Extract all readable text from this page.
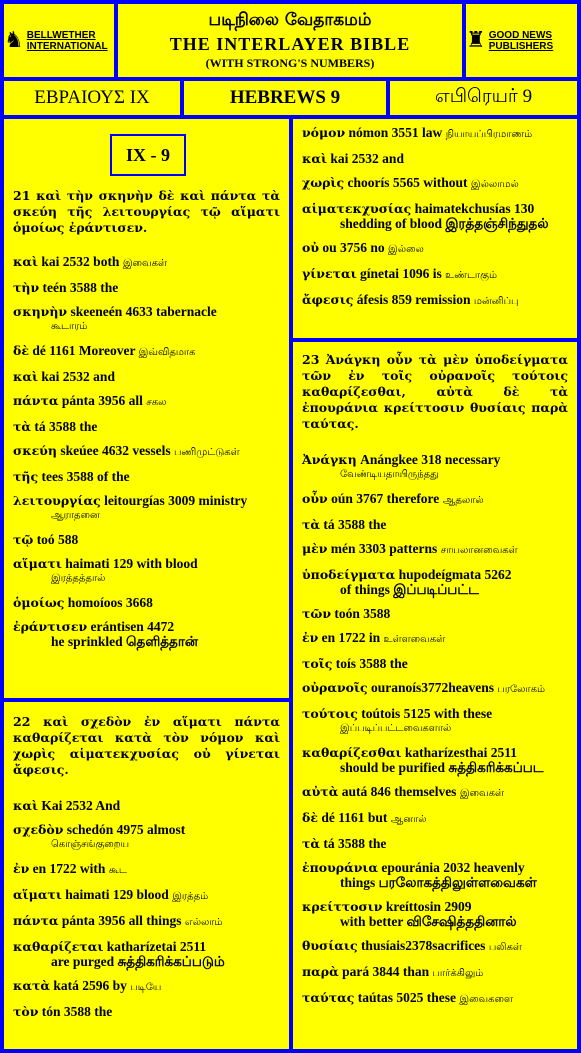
♞ BELLWETHER INTERNATIONAL
படிநிலை வேதாகமம்
THE INTERLAYER BIBLE
(WITH STRONG'S NUMBERS)
♜ GOOD NEWS PUBLISHERS
ΕΒΡΑΙΟΥΣ IX	HEBREWS 9	எபிரெயர் 9
21 καὶ τὴν σκηνὴν δὲ καὶ πάντα τὰ σκεύη τῆς λειτουργίας τῷ αἵματι ὁμοίως ἐράντισεν.
καὶ kai 2532 both இவைகள்
τὴν teén 3588 the
σκηνὴν skeeneén 4633 tabernacle
கூடாரம்
δὲ dé 1161 Moreover இவ்விதமாக
καὶ kai 2532 and
πάντα pánta 3956 all சகல
τὰ tá 3588 the
σκεύη skeúee 4632 vessels பணிமுட்டுகள்
τῆς tees 3588 of the
λειτουργίας leitourgías 3009 ministry
ஆராதனை
τῷ toó 588
αἵματι haimati 129 with blood
இரத்தத்தால்
ὁμοίως homoíoos 3668
ἐράντισεν erántisen 4472
he sprinkled தெளித்தான்
IX - 9
22 καὶ σχεδὸν ἐν αἵματι πάντα καθαρίζεται κατὰ τὸν νόμον καὶ χωρὶς αἱματεκχυσίας οὐ γίνεται ἄφεσις.
καὶ Kai 2532 And
σχεδὸν schedón 4975 almost
கொஞ்சங்குறைய
ἐν en 1722 with கூட
αἵματι haimati 129 blood இரத்தம்
πάντα pánta 3956 all things எல்லாம்
καθαρίζεται katharízetai 2511
are purged சுத்திகரிக்கப்படும்
κατὰ katá 2596 by படியே
τὸν tón 3588 the
νόμον nómon 3551 law நியாயப்பிரமாணம்
καὶ kai 2532 and
χωρὶς choorís 5565 without இல்லாமல்
αἱματεκχυσίας haimatekchusías 130
shedding of blood இரத்தஞ்சிந்துதல்
οὐ ou 3756 no இல்லை
γίνεται gínetai 1096 is உண்டாகும்
ἄφεσις áfesis 859 remission மன்னிப்பு
23 Ἀνάγκη οὖν τὰ μὲν ὑποδείγματα τῶν ἐν τοῖς οὐρανοῖς τούτοις καθαρίζεσθαι, αὐτὰ δὲ τὰ ἐπουράνια κρείττοσιν θυσίαις παρὰ ταύτας.
Ἀνάγκη Anángkee 318 necessary
வேண்டியதாயிருந்தது
οὖν oún 3767 therefore ஆதலால்
τὰ tá 3588 the
μὲν mén 3303 patterns சாயலானவைகள்
ὑποδείγματα hupodeígmata 5262
of things இப்படிப்பட்ட
τῶν toón 3588
ἐν en 1722 in உள்ளவைகள்
τοῖς toís 3588 the
οὐρανοῖς ouranoís3772heavens பரலோகம்
τούτοις toútois 5125 with these
இப்படிப்பட்டவைகளால்
καθαρίζεσθαι katharízesthai 2511
should be purified சுத்திகரிக்கப்பட
αὐτὰ autá 846 themselves இவைகள்
δὲ dé 1161 but ஆனால்
τὰ tá 3588 the
ἐπουράνια epouránia 2032 heavenly
things பரலோகத்திலுள்ளவைகள்
κρείττοσιν kreíttosin 2909
with better விசேஷித்ததினால்
θυσίαις thusíais2378sacrifices பலிகள்
παρὰ pará 3844 than பார்க்கிலும்
ταύτας taútas 5025 these இவைகளை
